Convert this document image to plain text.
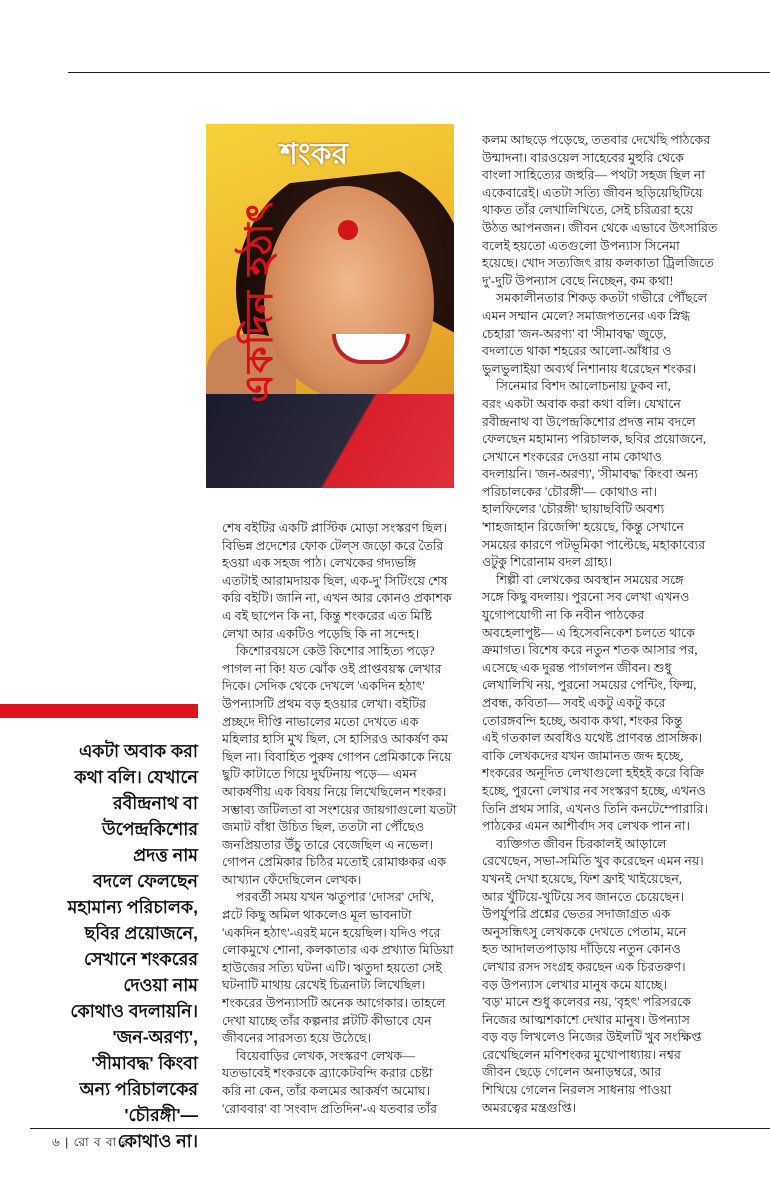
একদিন হঠাৎ
শংকর
একটা অবাক করা
কথা বলি। যেখানে
রবীন্দ্রনাথ বা
উপেন্দ্রকিশোর
প্রদত্ত নাম
বদলে ফেলছেন
মহামান্য পরিচালক,
ছবির প্রয়োজনে,
সেখানে শংকরের
দেওয়া নাম
কোথাও বদলায়নি।
'জন-অরণ্য',
'সীমাবদ্ধ' কিংবা
অন্য পরিচালকের
'চৌরঙ্গী'—
কোথাও না।
শেষ বইটির একটি প্লাস্টিক মোড়া সংস্করণ ছিল।
বিভিন্ন প্রদেশের ফোক টেল্‌স জড়ো করে তৈরি
হওয়া এক সহজ পাঠ। লেখকের গদ্যভঙ্গি
এতটাই আরামদায়ক ছিল, এক-দু' সিটিংয়ে শেষ
করি বইটি। জানি না, এখন আর কোনও প্রকাশক
এ বই ছাপেন কি না, কিন্তু শংকরের এত মিষ্টি
লেখা আর একটিও পড়েছি কি না সন্দেহ।
কিশোরবয়সে কেউ কিশোর সাহিত্য পড়ে?
পাগল না কি! যত ঝোঁক ওই প্রাপ্তবয়স্ক লেখার
দিকে। সেদিক থেকে দেখলে 'একদিন হঠাৎ'
উপন্যাসটি প্রথম বড় হওয়ার লেখা। বইটির
প্রচ্ছদে দীপ্তি নাভালের মতো দেখতে এক
মহিলার হাসি মুখ ছিল, সে হাসিরও আকর্ষণ কম
ছিল না। বিবাহিত পুরুষ গোপন প্রেমিকাকে নিয়ে
ছুটি কাটাতে গিয়ে দুর্ঘটনায় পড়ে— এমন
আকর্ষণীয় এক বিষয় নিয়ে লিখেছিলেন শংকর।
সম্ভাব্য জটিলতা বা সংশয়ের জায়গাগুলো যতটা
জমাট বাঁধা উচিত ছিল, ততটা না পৌঁছেও
জনপ্রিয়তার উঁচু তারে বেজেছিল এ নভেল।
গোপন প্রেমিকার চিঠির মতোই রোমাঞ্চকর এক
আখ্যান ফেঁদেছিলেন লেখক।
পরবর্তী সময় যখন ঋতুপার 'দোসর' দেখি,
প্লটে কিছু অমিল থাকলেও মূল ভাবনাটা
'একদিন হঠাৎ'-এরই মনে হয়েছিল। যদিও পরে
লোকমুখে শোনা, কলকাতার এক প্রখ্যাত মিডিয়া
হাউজের সত্যি ঘটনা এটি। ঋতুদা হয়তো সেই
ঘটনাটি মাথায় রেখেই চিত্রনাট্য লিখেছিল।
শংকরের উপন্যাসটি অনেক আগেকার। তাহলে
দেখা যাচ্ছে তাঁর কল্পনার প্লটটি কীভাবে যেন
জীবনের সারসত্য হয়ে উঠেছে।
বিয়েবাড়ির লেখক, সংস্করণ লেখক—
যতভাবেই শংকরকে ব্র্যাকেটবন্দি করার চেষ্টা
করি না কেন, তাঁর কলমের আকর্ষণ অমোঘ।
'রোববার' বা 'সংবাদ প্রতিদিন'-এ যতবার তাঁর
কলম আছড়ে পড়েছে, ততবার দেখেছি পাঠকের
উন্মাদনা। বারওয়েল সাহেবের মুহুরি থেকে
বাংলা সাহিত্যের জহুরি— পথটা সহজ ছিল না
একেবারেই। এতটা সত্যি জীবন ছড়িয়েছিটিয়ে
থাকত তাঁর লেখালিখিতে, সেই চরিত্ররা হয়ে
উঠত আপনজন। জীবন থেকে এভাবে উৎসারিত
বলেই হয়তো এতগুলো উপন্যাস সিনেমা
হয়েছে। খোদ সত্যজিৎ রায় কলকাতা ট্রিলজিতে
দু'-দুটি উপন্যাস বেছে নিচ্ছেন, কম কথা!
সমকালীনতার শিকড় কতটা গভীরে পৌঁছলে
এমন সম্মান মেলে? সমাজপতনের এক স্নিগ্ধ
চেহারা 'জন-অরণ্য' বা 'সীমাবদ্ধ' জুড়ে,
বদলাতে থাকা শহরের আলো-আঁধার ও
ভুলভুলাইয়া অব্যর্থ নিশানায় ধরেছেন শংকর।
সিনেমার বিশদ আলোচনায় ঢুকব না,
বরং একটা অবাক করা কথা বলি। যেখানে
রবীন্দ্রনাথ বা উপেন্দ্রকিশোর প্রদত্ত নাম বদলে
ফেলছেন মহামান্য পরিচালক, ছবির প্রয়োজনে,
সেখানে শংকরের দেওয়া নাম কোথাও
বদলায়নি। 'জন-অরণ্য', 'সীমাবদ্ধ' কিংবা অন্য
পরিচালকের 'চৌরঙ্গী'— কোথাও না।
হালফিলের 'চৌরঙ্গী' ছায়াছবিটি অবশ্য
'শাহজাহান রিজেন্সি' হয়েছে, কিন্তু সেখানে
সময়ের কারণে পটভূমিকা পাল্টেছে, মহাকাব্যের
ওটুকু শিরোনাম বদল গ্রাহ্য।
শিল্পী বা লেখকের অবস্থান সময়ের সঙ্গে
সঙ্গে কিছু বদলায়। পুরনো সব লেখা এখনও
যুগোপযোগী না কি নবীন পাঠকের
অবহেলাপুষ্ট— এ হিসেবনিকেশ চলতে থাকে
ক্রমাগত। বিশেষ করে নতুন শতক আসার পর,
এসেছে এক দুরন্ত পাগলপন জীবন। শুধু
লেখালিখি নয়, পুরনো সময়ের পেন্টিং, ফিল্ম,
প্রবন্ধ, কবিতা— সবই একটু একটু করে
তোরঙ্গবন্দি হচ্ছে, অবাক কথা, শংকর কিন্তু
এই গতকাল অবধিও যথেষ্ট প্রাণবন্ত প্রাসঙ্গিক।
বাকি লেখকদের যখন জামানত জব্দ হচ্ছে,
শংকরের অনূদিত লেখাগুলো হইহই করে বিক্রি
হচ্ছে, পুরনো লেখার নব সংস্করণ হচ্ছে, এখনও
তিনি প্রথম সারি, এখনও তিনি কনটেম্পোরারি।
পাঠকের এমন আশীর্বাদ সব লেখক পান না।
ব্যক্তিগত জীবন চিরকালই আড়ালে
রেখেছেন, সভা-সমিতি খুব করেছেন এমন নয়।
যখনই দেখা হয়েছে, ফিশ ফ্রাই খাইয়েছেন,
আর খুঁটিয়ে-খুটিয়ে সব জানতে চেয়েছেন।
উপর্যুপরি প্রশ্নের ভেতর সদাজাগ্রত এক
অনুসন্ধিৎসু লেখককে দেখতে পেতাম, মনে
হত আদালতপাড়ায় দাঁড়িয়ে নতুন কোনও
লেখার রসদ সংগ্রহ করছেন এক চিরতরুণ।
বড় উপন্যাস লেখার মানুষ কমে যাচ্ছে।
'বড়' মানে শুধু কলেবর নয়, 'বৃহৎ' পরিসরকে
নিজের আত্মশকাশে দেখার মানুষ। উপন্যাস
বড় বড় লিখলেও নিজের উইলটি খুব সংক্ষিপ্ত
রেখেছিলেন মণিশংকর মুখোপাধ্যায়। নশ্বর
জীবন ছেড়ে গেলেন অনাড়ম্বরে, আর
শিখিয়ে গেলেন নিরলস সাধনায় পাওয়া
অমরত্বের মন্ত্রগুপ্তি।
৬ | রো ব বা র
